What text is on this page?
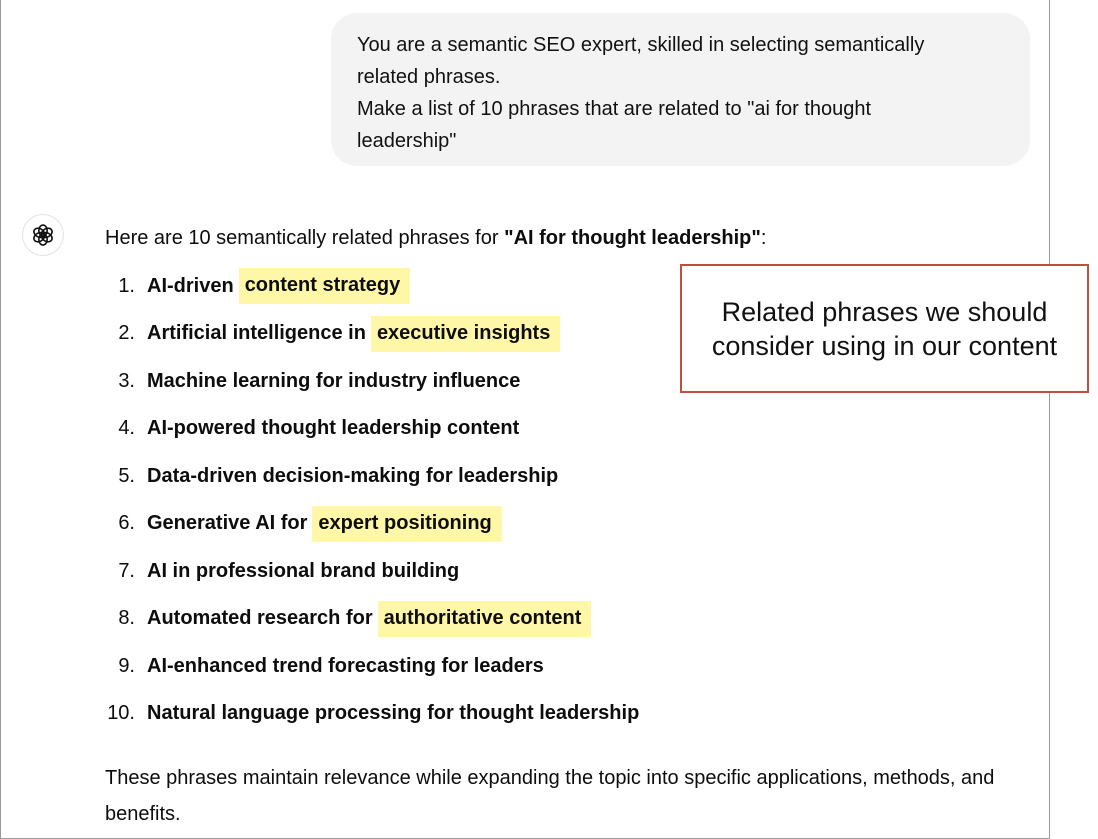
You are a semantic SEO expert, skilled in selecting semantically

related phrases.

Make a list of 10 phrases that are related to "ai for thought

leadership"

Here are 10 semantically related phrases for "AI for thought leadership":
1. AI-driven content strategy
2. Artificial intelligence in executive insights
3. Machine learning for industry influence
4. AI-powered thought leadership content
5. Data-driven decision-making for leadership
6. Generative AI for expert positioning
7. AI in professional brand building
8. Automated research for authoritative content
9. AI-enhanced trend forecasting for leaders
10. Natural language processing for thought leadership
These phrases maintain relevance while expanding the topic into specific applications, methods, and benefits.
Related phrases we should
consider using in our content
